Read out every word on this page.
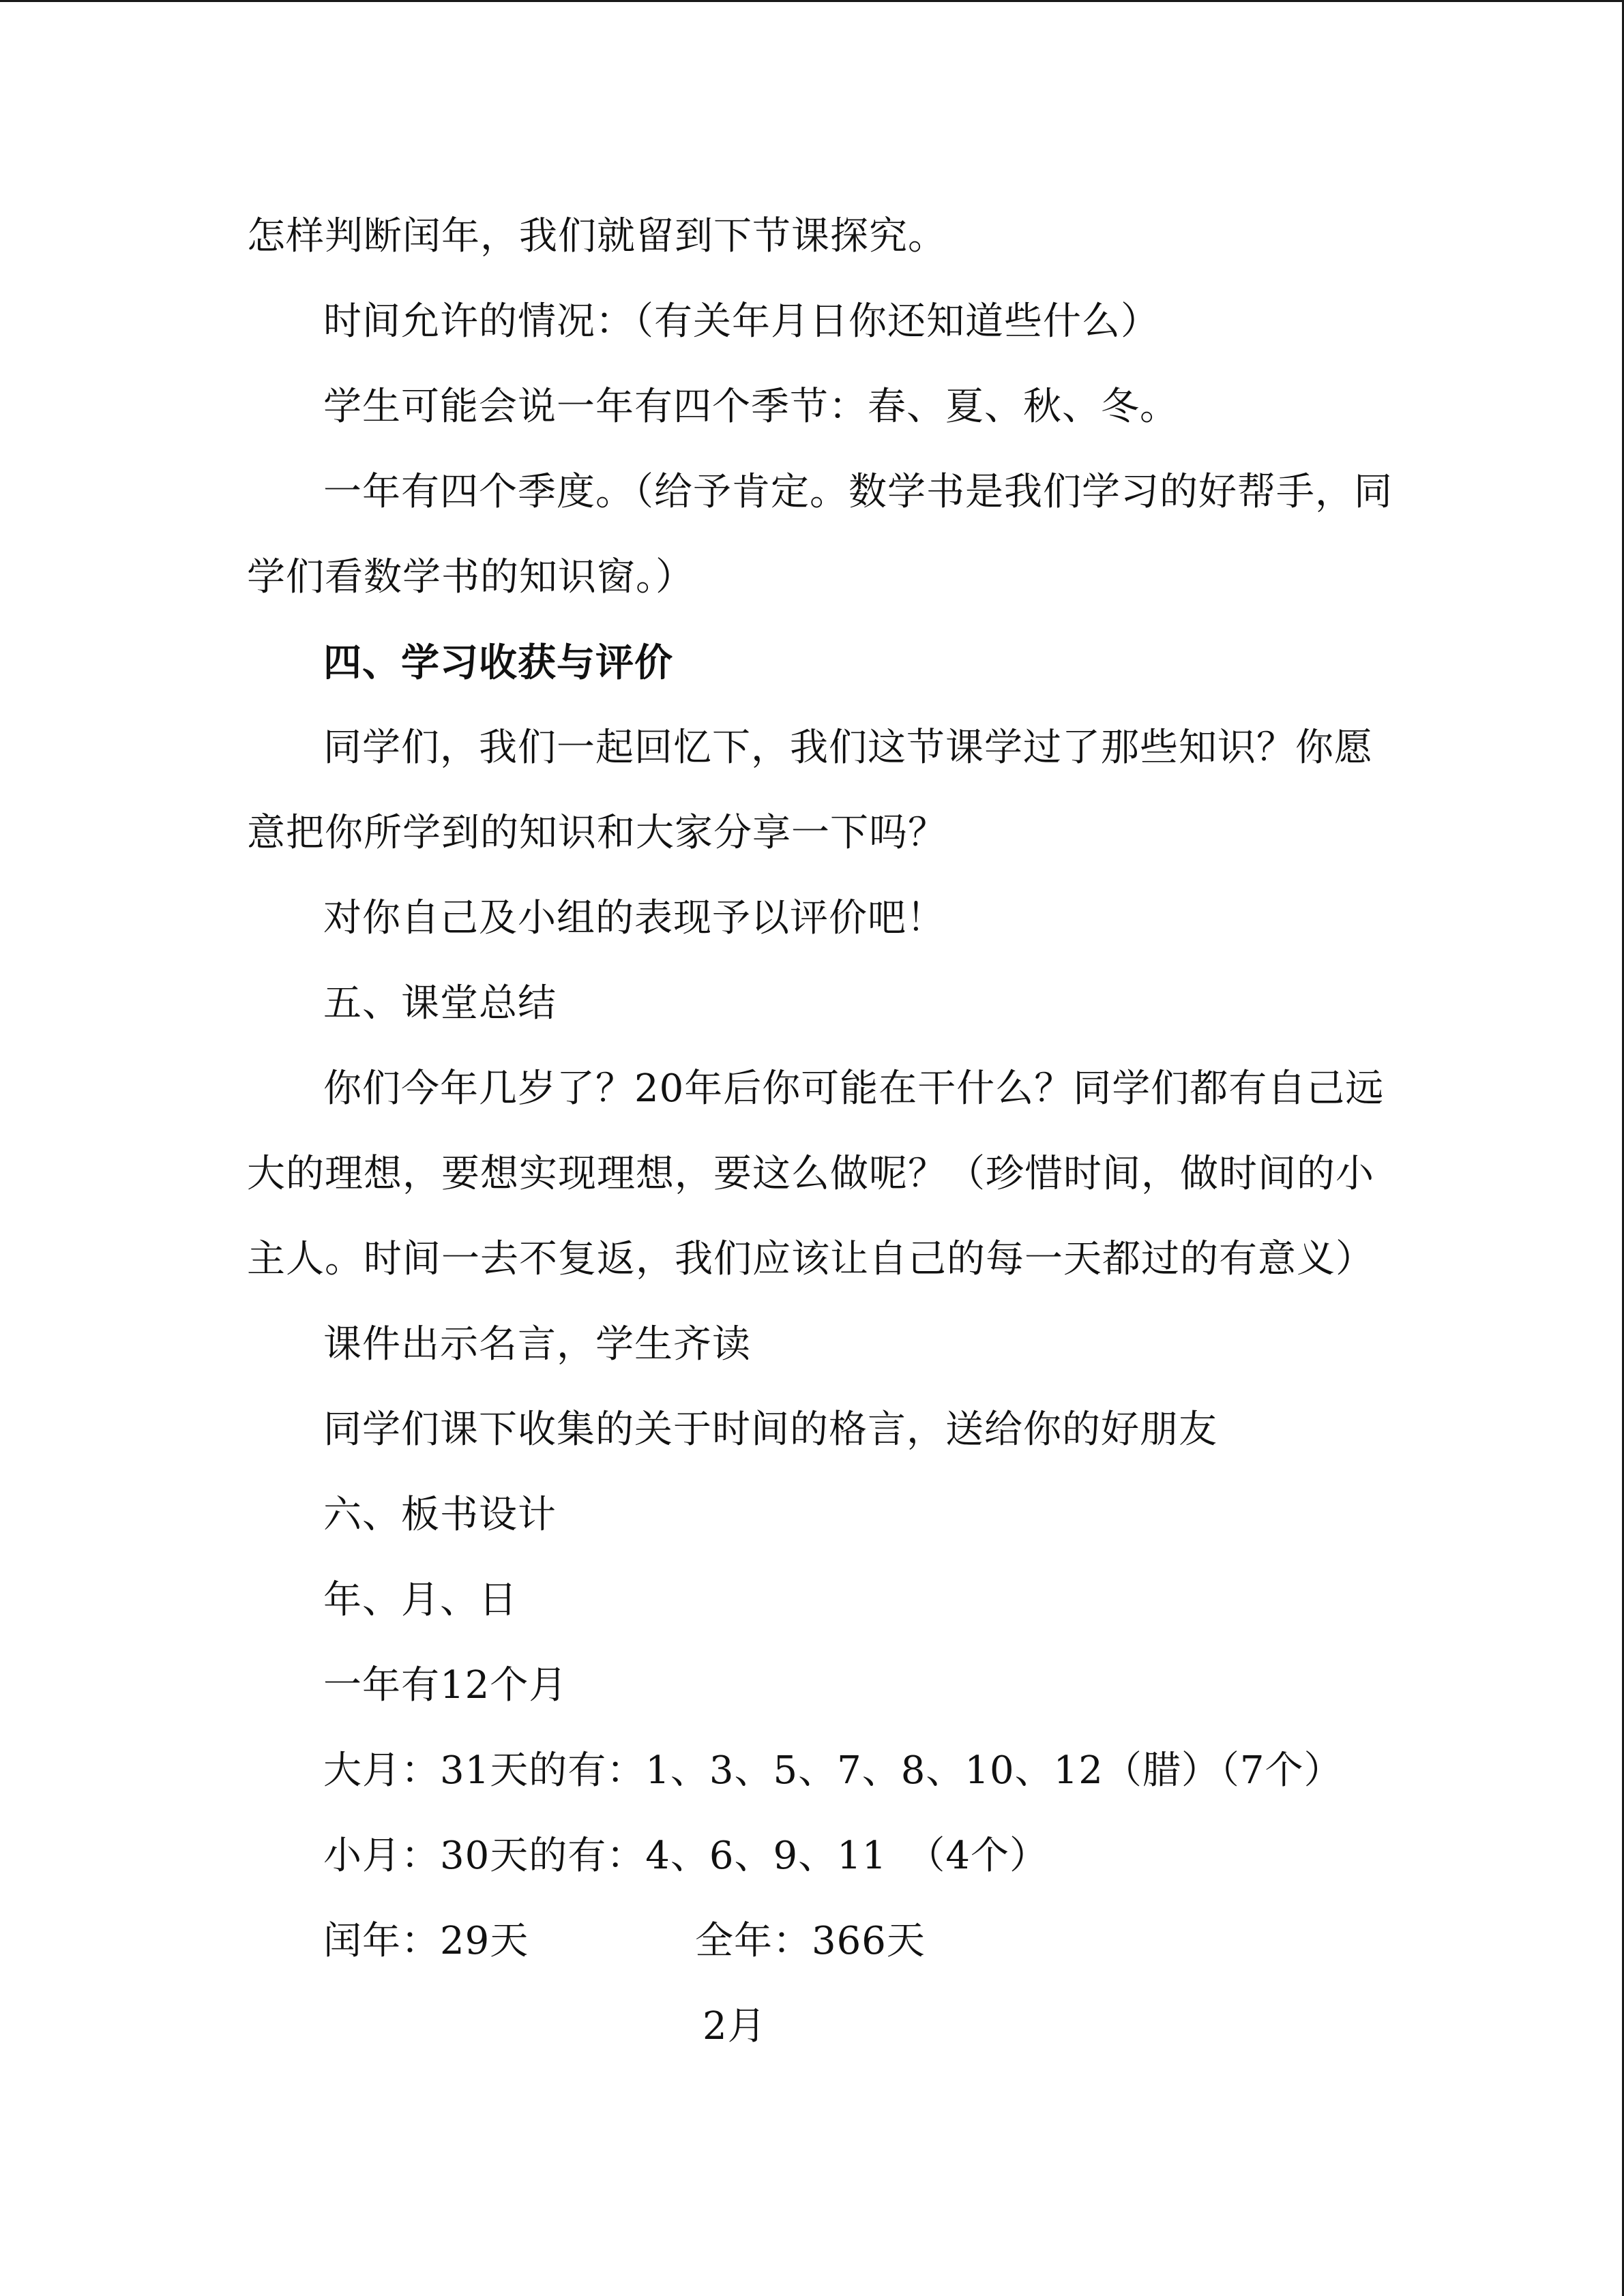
怎样判断闰年，我们就留到下节课探究。
时间允许的情况：（有关年月日你还知道些什么）
学生可能会说一年有四个季节：春、夏、秋、冬。
一年有四个季度。（给予肯定。数学书是我们学习的好帮手，同
学们看数学书的知识窗。）
四、学习收获与评价
同学们，我们一起回忆下，我们这节课学过了那些知识？你愿
意把你所学到的知识和大家分享一下吗？
对你自己及小组的表现予以评价吧！
五、课堂总结
你们今年几岁了？20年后你可能在干什么？同学们都有自己远
大的理想，要想实现理想，要这么做呢？（珍惜时间，做时间的小
主人。时间一去不复返，我们应该让自己的每一天都过的有意义）
课件出示名言，学生齐读
同学们课下收集的关于时间的格言，送给你的好朋友
六、板书设计
年、月、日
一年有12个月
大月：31天的有：1、3、5、7、8、10、12（腊）（7个）
小月：30天的有：4、6、9、11　（4个）
闰年：29天	全年：366天
2月
